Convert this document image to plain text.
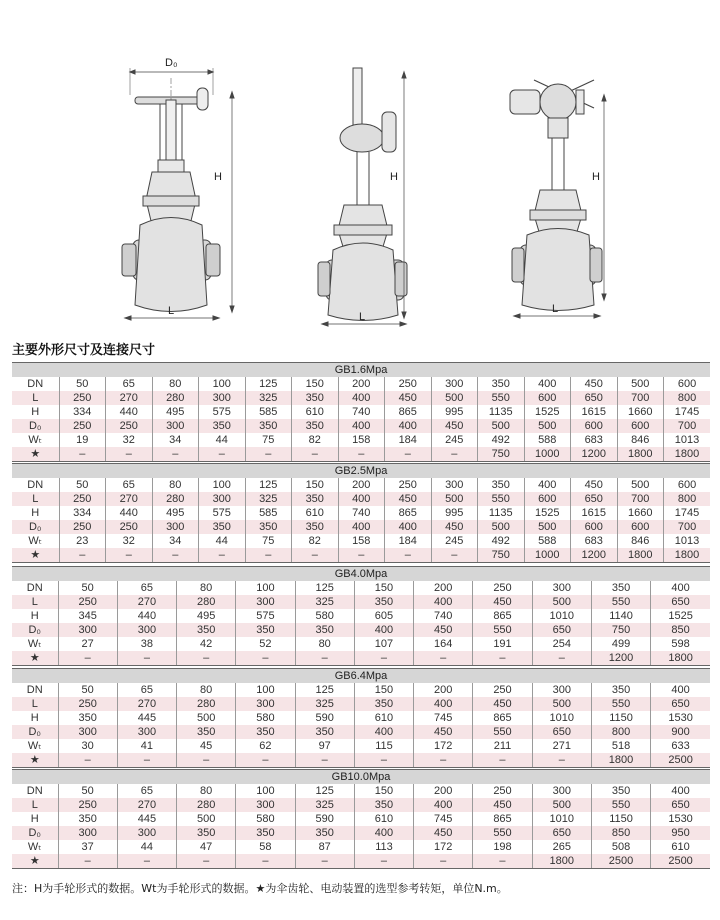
D₀
H
L
H
L
H
L
主要外形尺寸及连接尺寸
GB1.6Mpa														
DN	50	65	80	100	125	150	200	250	300	350	400	450	500	600
L	250	270	280	300	325	350	400	450	500	550	600	650	700	800
H	334	440	495	575	585	610	740	865	995	1135	1525	1615	1660	1745
D₀	250	250	300	350	350	350	400	400	450	500	500	600	600	700
Wₜ	19	32	34	44	75	82	158	184	245	492	588	683	846	1013
★	–	–	–	–	–	–	–	–	–	750	1000	1200	1800	1800
GB2.5Mpa														
DN	50	65	80	100	125	150	200	250	300	350	400	450	500	600
L	250	270	280	300	325	350	400	450	500	550	600	650	700	800
H	334	440	495	575	585	610	740	865	995	1135	1525	1615	1660	1745
D₀	250	250	300	350	350	350	400	400	450	500	500	600	600	700
Wₜ	23	32	34	44	75	82	158	184	245	492	588	683	846	1013
★	–	–	–	–	–	–	–	–	–	750	1000	1200	1800	1800
GB4.0Mpa											
DN	50	65	80	100	125	150	200	250	300	350	400
L	250	270	280	300	325	350	400	450	500	550	650
H	345	440	495	575	580	605	740	865	1010	1140	1525
D₀	300	300	350	350	350	400	450	550	650	750	850
Wₜ	27	38	42	52	80	107	164	191	254	499	598
★	–	–	–	–	–	–	–	–	–	1200	1800
GB6.4Mpa											
DN	50	65	80	100	125	150	200	250	300	350	400
L	250	270	280	300	325	350	400	450	500	550	650
H	350	445	500	580	590	610	745	865	1010	1150	1530
D₀	300	300	350	350	350	400	450	550	650	800	900
Wₜ	30	41	45	62	97	115	172	211	271	518	633
★	–	–	–	–	–	–	–	–	–	1800	2500
GB10.0Mpa											
DN	50	65	80	100	125	150	200	250	300	350	400
L	250	270	280	300	325	350	400	450	500	550	650
H	350	445	500	580	590	610	745	865	1010	1150	1530
D₀	300	300	350	350	350	400	450	550	650	850	950
Wₜ	37	44	47	58	87	113	172	198	265	508	610
★	–	–	–	–	–	–	–	–	1800	2500	2500
注：H为手轮形式的数据。Wt为手轮形式的数据。★为伞齿轮、电动装置的选型参考转矩，单位N.m。
